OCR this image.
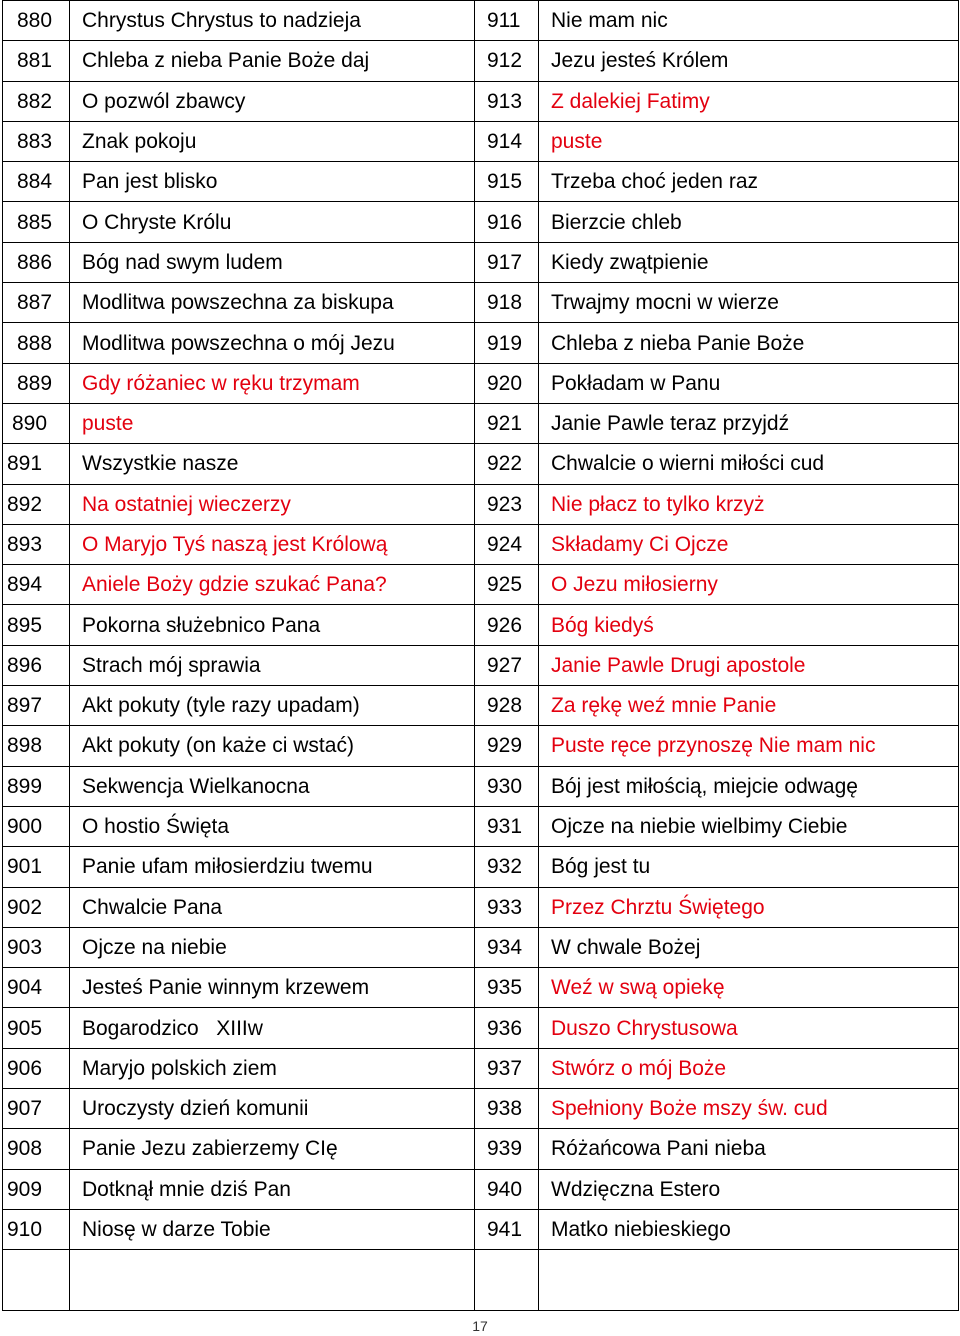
880	Chrystus Chrystus to nadzieja	911	Nie mam nic
881	Chleba z nieba Panie Boże daj	912	Jezu jesteś Królem
882	O pozwól zbawcy	913	Z dalekiej Fatimy
883	Znak pokoju	914	puste
884	Pan jest blisko	915	Trzeba choć jeden raz
885	O Chryste Królu	916	Bierzcie chleb
886	Bóg nad swym ludem	917	Kiedy zwątpienie
887	Modlitwa powszechna za biskupa	918	Trwajmy mocni w wierze
888	Modlitwa powszechna o mój Jezu	919	Chleba z nieba Panie Boże
889	Gdy różaniec w ręku trzymam	920	Pokładam w Panu
890	puste	921	Janie Pawle teraz przyjdź
891	Wszystkie nasze	922	Chwalcie o wierni miłości cud
892	Na ostatniej wieczerzy	923	Nie płacz to tylko krzyż
893	O Maryjo Tyś naszą jest Królową	924	Składamy Ci Ojcze
894	Aniele Boży gdzie szukać Pana?	925	O Jezu miłosierny
895	Pokorna służebnico Pana	926	Bóg kiedyś
896	Strach mój sprawia	927	Janie Pawle Drugi apostole
897	Akt pokuty (tyle razy upadam)	928	Za rękę weź mnie Panie
898	Akt pokuty (on każe ci wstać)	929	Puste ręce przynoszę Nie mam nic
899	Sekwencja Wielkanocna	930	Bój jest miłością, miejcie odwagę
900	O hostio Święta	931	Ojcze na niebie wielbimy Ciebie
901	Panie ufam miłosierdziu twemu	932	Bóg jest tu
902	Chwalcie Pana	933	Przez Chrztu Świętego
903	Ojcze na niebie	934	W chwale Bożej
904	Jesteś Panie winnym krzewem	935	Weź w swą opiekę
905	Bogarodzico   XIIIw	936	Duszo Chrystusowa
906	Maryjo polskich ziem	937	Stwórz o mój Boże
907	Uroczysty dzień komunii	938	Spełniony Boże mszy św. cud
908	Panie Jezu zabierzemy CIę	939	Różańcowa Pani nieba
909	Dotknął mnie dziś Pan	940	Wdzięczna Estero
910	Niosę w darze Tobie	941	Matko niebieskiego

17
